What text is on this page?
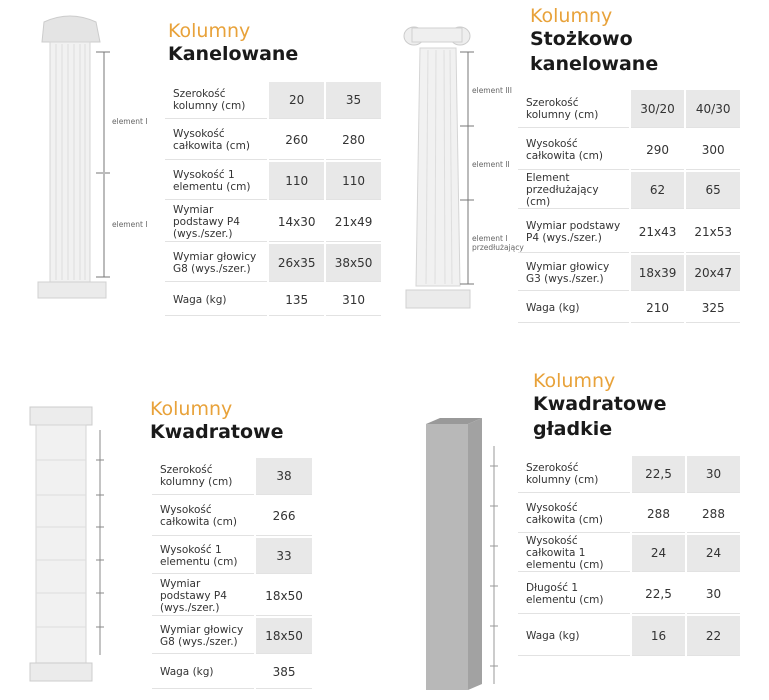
Kolumny
Kanelowane
element I
element I
Szerokość kolumny (cm)	20	35
Wysokość całkowita (cm)	260	280
Wysokość 1 elementu (cm)	110	110
Wymiar podstawy P4 (wys./szer.)	14x30	21x49
Wymiar głowicy G8 (wys./szer.)	26x35	38x50
Waga (kg)	135	310
Kolumny
Stożkowo
kanelowane
element III
element II
element I
przedłużający
Szerokość kolumny (cm)	30/20	40/30
Wysokość całkowita (cm)	290	300
Element przedłużający (cm)	62	65
Wymiar podstawy P4 (wys./szer.)	21x43	21x53
Wymiar głowicy G3 (wys./szer.)	18x39	20x47
Waga (kg)	210	325
Kolumny
Kwadratowe
Szerokość kolumny (cm)	38
Wysokość całkowita (cm)	266
Wysokość 1 elementu (cm)	33
Wymiar podstawy P4 (wys./szer.)	18x50
Wymiar głowicy G8 (wys./szer.)	18x50
Waga (kg)	385
Kolumny
Kwadratowe
gładkie
Szerokość kolumny (cm)	22,5	30
Wysokość całkowita (cm)	288	288
Wysokość całkowita 1 elementu (cm)	24	24
Długość 1 elementu (cm)	22,5	30
Waga (kg)	16	22
